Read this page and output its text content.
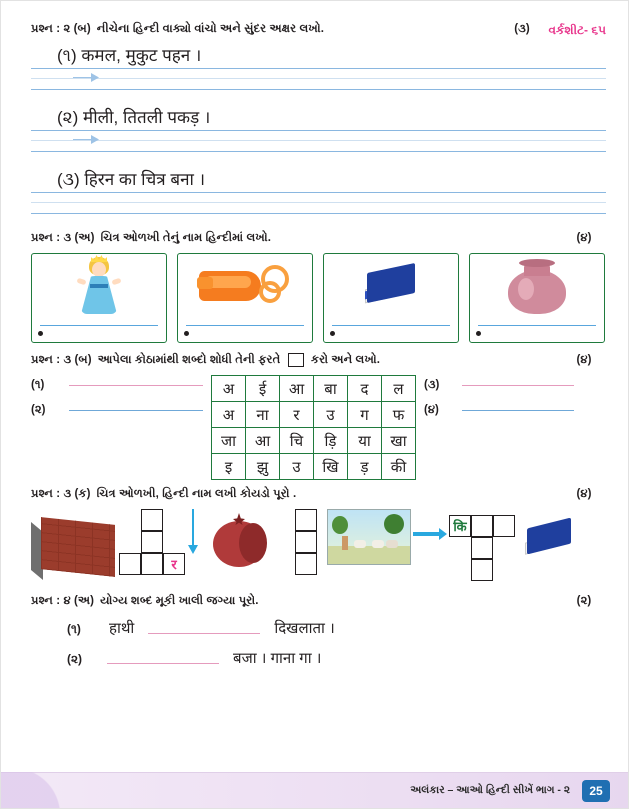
પ્રશ્ન : ૨ (બ) નીચેના હિન્દી વાક્યો વાંચો અને સુંદર અક્ષર લખો.	(૩)	વર્કશીટ- ૬૫
(૧) कमल, मुकुट पहन ।
(૨) मीली, तितली पकड़ ।
(૩) हिरन का चित्र बना ।
પ્રશ્ન : ૩ (અ) ચિત્ર ઓળખી તેનું નામ હિન્દીમાં લખો.	(૪)
પ્રશ્ન : ૩ (બ) આપેલા કોઠામાંથી શબ્દો શોધી તેની ફરતે	કરો અને લખો.	(૪)
(૧)
(૨)
अ	ई	आ	बा	द	ल
अ	ना	र	उ	ग	फ
जा	आ	चि	ड़ि	या	खा
इ	झु	उ	खि	ड़	की
(૩)
(૪)
પ્રશ્ન : ૩ (ક) ચિત્ર ઓળખી, હિન્દી નામ લખી કોયડો પૂરો .	(૪)
र
कि
પ્રશ્ન : ૪ (અ) યોગ્ય શબ્દ મૂકી ખાલી જગ્યા પૂરો.	(૨)
(૧)	हाथी	दिखलाता ।
(૨)	बजा । गाना गा ।
અલંકાર – આઓ હિન્દી સીખેં ભાગ - ૨	25
